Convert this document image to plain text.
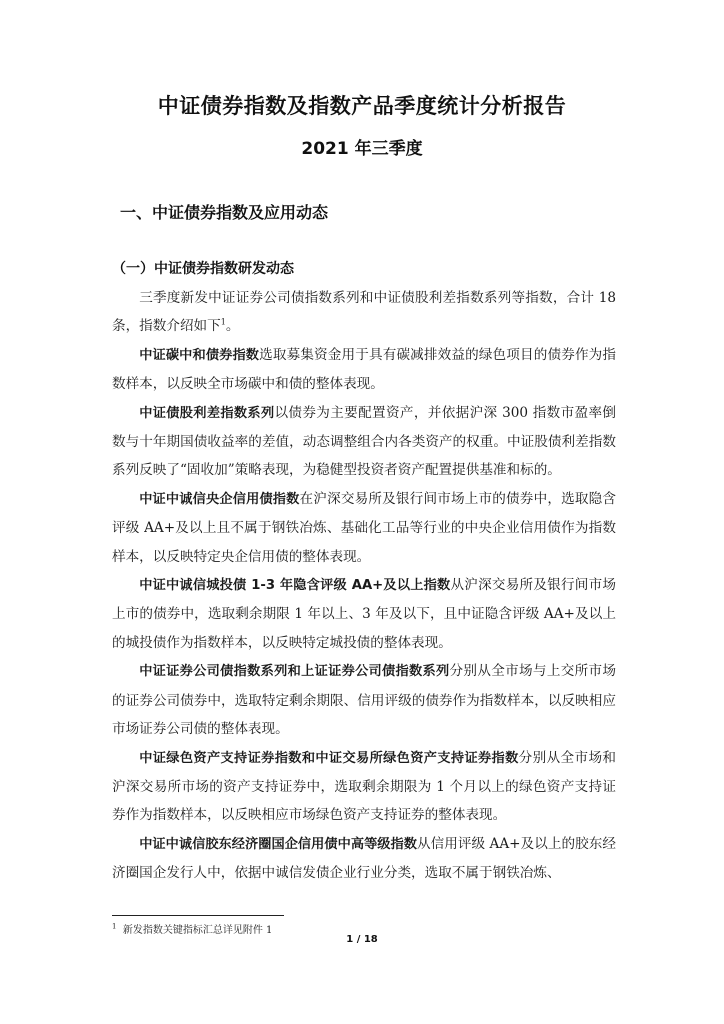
中证债券指数及指数产品季度统计分析报告
2021 年三季度
一、中证债券指数及应用动态
（一）中证债券指数研发动态

三季度新发中证证券公司债指数系列和中证债股利差指数系列等指数，合计 18 条，指数介绍如下$^1$。

中证碳中和债券指数选取募集资金用于具有碳减排效益的绿色项目的债券作为指数样本，以反映全市场碳中和债的整体表现。

中证债股利差指数系列以债券为主要配置资产，并依据沪深 300 指数市盈率倒数与十年期国债收益率的差值，动态调整组合内各类资产的权重。中证股债利差指数系列反映了“固收加”策略表现，为稳健型投资者资产配置提供基准和标的。

中证中诚信央企信用债指数在沪深交易所及银行间市场上市的债券中，选取隐含评级 AA+及以上且不属于钢铁冶炼、基础化工品等行业的中央企业信用债作为指数样本，以反映特定央企信用债的整体表现。

中证中诚信城投债 1-3 年隐含评级 AA+及以上指数从沪深交易所及银行间市场上市的债券中，选取剩余期限 1 年以上、3 年及以下，且中证隐含评级 AA+及以上的城投债作为指数样本，以反映特定城投债的整体表现。

中证证券公司债指数系列和上证证券公司债指数系列分别从全市场与上交所市场的证券公司债券中，选取特定剩余期限、信用评级的债券作为指数样本，以反映相应市场证券公司债的整体表现。

中证绿色资产支持证券指数和中证交易所绿色资产支持证券指数分别从全市场和沪深交易所市场的资产支持证券中，选取剩余期限为 1 个月以上的绿色资产支持证券作为指数样本，以反映相应市场绿色资产支持证券的整体表现。

中证中诚信胶东经济圈国企信用债中高等级指数从信用评级 AA+及以上的胶东经济圈国企发行人中，依据中诚信发债企业行业分类，选取不属于钢铁冶炼、

$^1$ 新发指数关键指标汇总详见附件 1
1 / 18
